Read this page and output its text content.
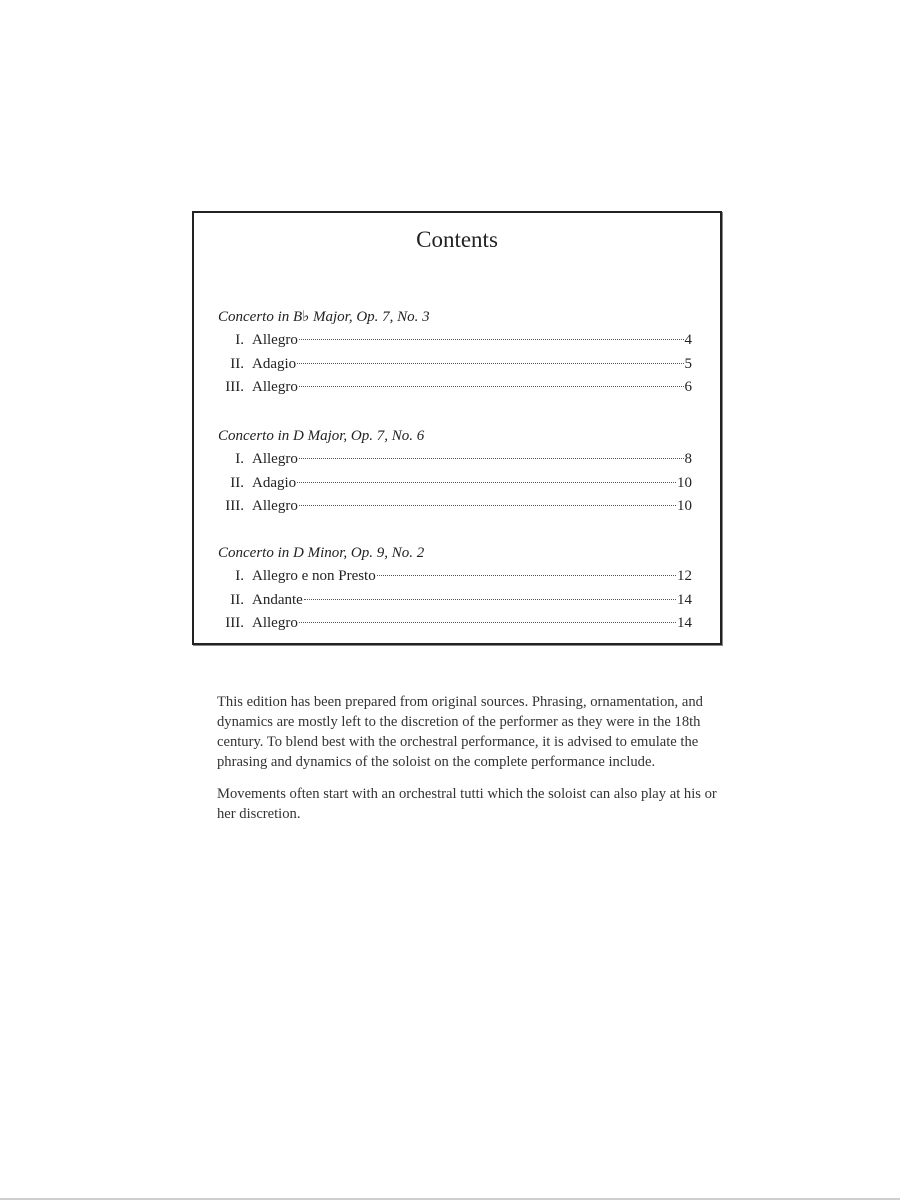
Contents
Concerto in B♭ Major, Op. 7, No. 3
I. Allegro	4
II. Adagio	5
III. Allegro	6
Concerto in D Major, Op. 7, No. 6
I. Allegro	8
II. Adagio	10
III. Allegro	10
Concerto in D Minor, Op. 9, No. 2
I. Allegro e non Presto	12
II. Andante	14
III. Allegro	14

This edition has been prepared from original sources. Phrasing, ornamentation, and dynamics are mostly left to the discretion of the performer as they were in the 18th century. To blend best with the orchestral performance, it is advised to emulate the phrasing and dynamics of the soloist on the complete performance include.

Movements often start with an orchestral tutti which the soloist can also play at his or her discretion.
